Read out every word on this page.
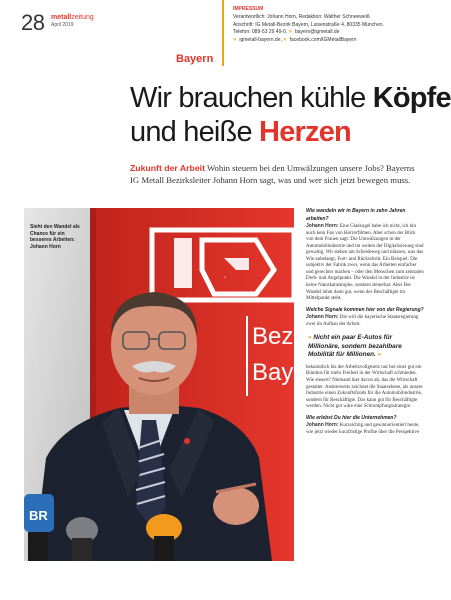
28 metallzeitung
April 2019
Bayern
IMPRESSUM
Verantwortlich: Johann Horn, Redaktion: Walther Schneeweiß
Anschrift: IG Metall-Bezirk Bayern, Luisenstraße 4, 80335 München.
Telefon: 089-53 29 49-0, » bayern@igmetall.de

» igmetall-bayern.de,
» facebook.com/IGMetallBayern
Wir brauchen kühle Köpfe
und heiße Herzen
Zukunft der Arbeit Wohin steuern bei den Umwälzungen unsere Jobs? Bayerns IG Metall Bezirksleiter Johann Horn sagt, was und wer sich jetzt bewegen muss.
IG
Bez
Bay
BR
Sieht den Wandel als Chance für ein besseres Arbeiten: Johann Horn
Wie wandeln wir in Bayern in zehn Jahren arbeiten?
Johann Horn: Eine Glaskugel habe ich nicht, ich bin auch kein Fan von Horrorfilmen. Aber schon der Blick von dem Frauen sagt: Die Umwälzungen in der Automobilindustrie und im weiten der Digitalisierung sind gewaltig. Wir stehen am Scheideweg und müssen, was das Wie anbelangt, Fort- und Rückschritt. Ein Beispiel: Die subjektiv der Fabrik zwei, wenn das Arbeiten einfacher und gerechter machen – oder den Menschen zum zentralen Dreh- und Angelpunkt. Die Wandel in der Industrie ist keine Naturkatastrophe, sondern steuerbar. Aber Der Wandel lohnt dann gut, wenn der Beschäftigte im Mittelpunkt steht.
Welche Signale kommen hier von der Regierung?
Johann Horn: Die will die bayerische Staatsregierung zwei im Aufbau der Arbeit.
» Nicht ein paar E-Autos für Millionäre, sondern bezahlbare Mobilität für Millionen. «
bekanntlich bis der Arbeitsvollgesetz nur bei einer gut ein Bündnis für mehr Freiheit in der Wirtschaft schmieden. Wie steuert? Niemand hier davon ab, das die Wirtschaft gestaltet. Andererseits zeichnet die Staatsebene, als unsere Industrie einen Zukunftsfonds für die Automobilindustrie, sondern für Beschäftigte. Das kann gut für Beschäftigte werden. Nicht gut wäre eine Schrumpfungsstrategie.
Wie erlebst Du hier die Unternehmen?
Johann Horn: Kurzsichtig und gewinnorientiert heute, wie jetzt wieder kurzfristige Profite über die Perspektive
